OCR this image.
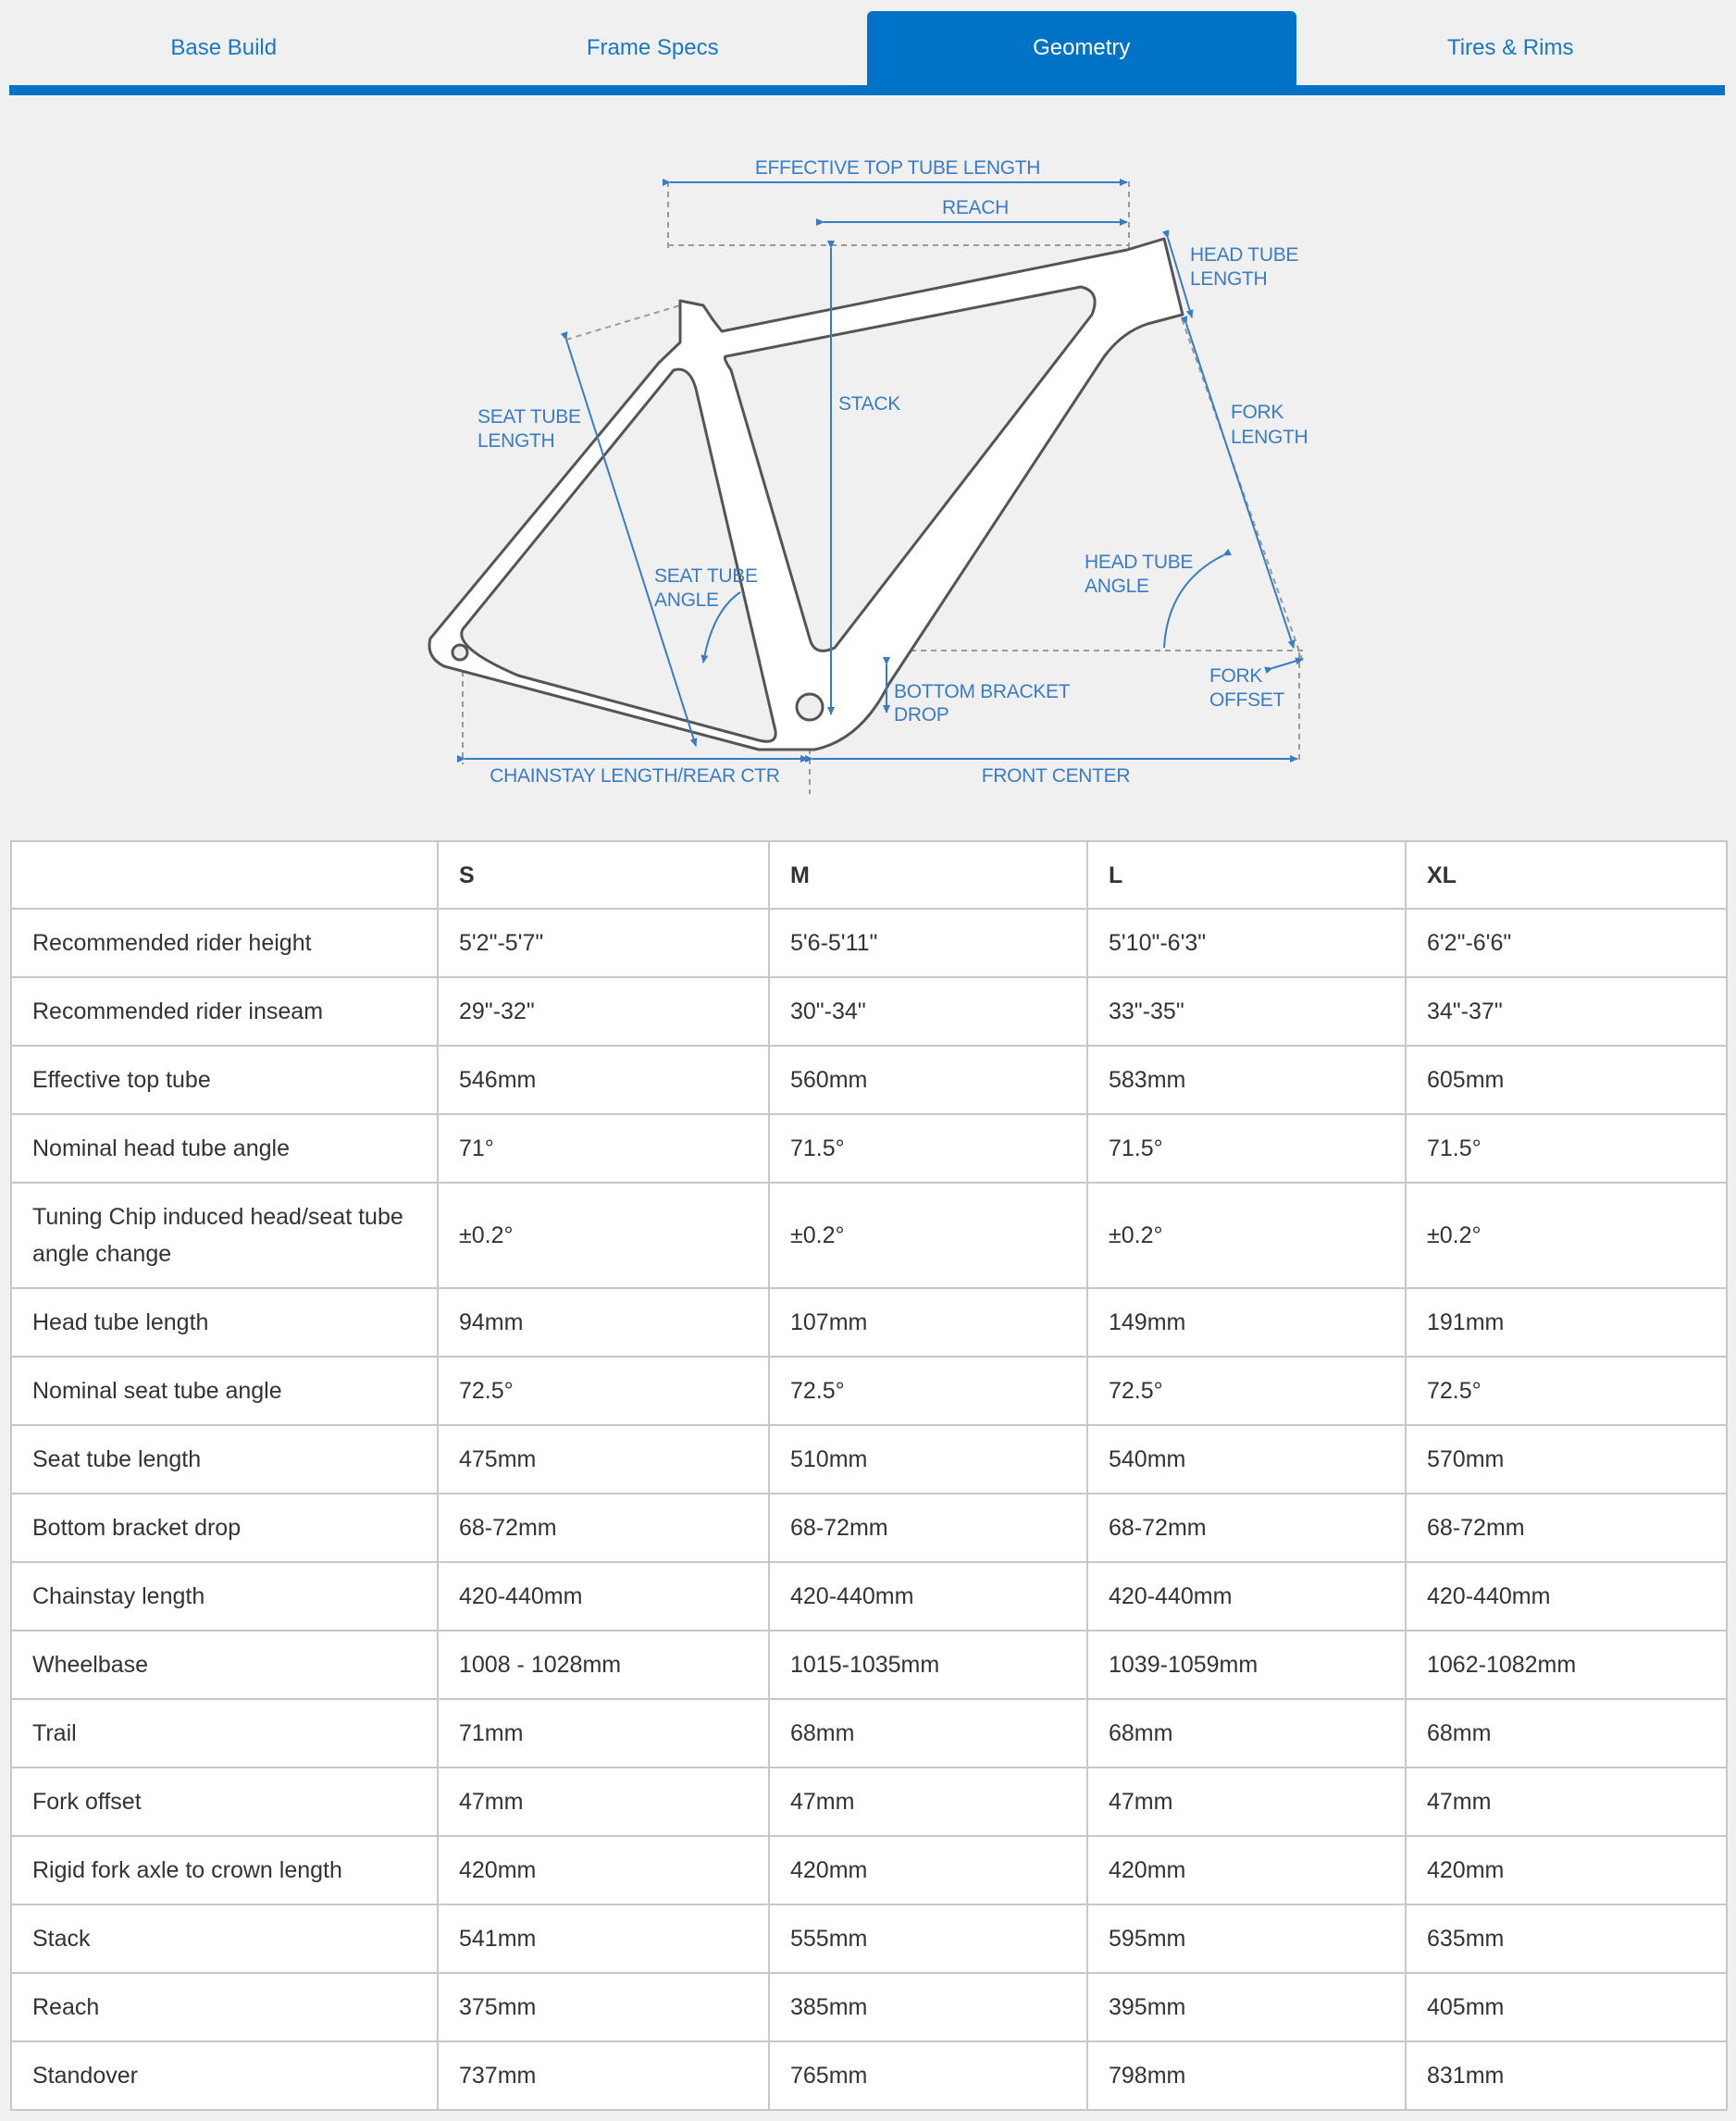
Base Build	Frame Specs	Geometry	Tires & Rims
EFFECTIVE TOP TUBE LENGTH
REACH
HEAD TUBE
LENGTH
SEAT TUBE
LENGTH
STACK	FORK
LENGTH
SEAT TUBE
ANGLE
HEAD TUBE
ANGLE
BOTTOM BRACKET
DROP
FORK
OFFSET
CHAINSTAY LENGTH/REAR CTR	FRONT CENTER
	S	M	L	XL
Recommended rider height	5'2"-5'7"	5'6-5'11"	5'10"-6'3"	6'2"-6'6"
Recommended rider inseam	29"-32"	30"-34"	33"-35"	34"-37"
Effective top tube	546mm	560mm	583mm	605mm
Nominal head tube angle	71°	71.5°	71.5°	71.5°
Tuning Chip induced head/seat tube angle change	±0.2°	±0.2°	±0.2°	±0.2°
Head tube length	94mm	107mm	149mm	191mm
Nominal seat tube angle	72.5°	72.5°	72.5°	72.5°
Seat tube length	475mm	510mm	540mm	570mm
Bottom bracket drop	68-72mm	68-72mm	68-72mm	68-72mm
Chainstay length	420-440mm	420-440mm	420-440mm	420-440mm
Wheelbase	1008 - 1028mm	1015-1035mm	1039-1059mm	1062-1082mm
Trail	71mm	68mm	68mm	68mm
Fork offset	47mm	47mm	47mm	47mm
Rigid fork axle to crown length	420mm	420mm	420mm	420mm
Stack	541mm	555mm	595mm	635mm
Reach	375mm	385mm	395mm	405mm
Standover	737mm	765mm	798mm	831mm
